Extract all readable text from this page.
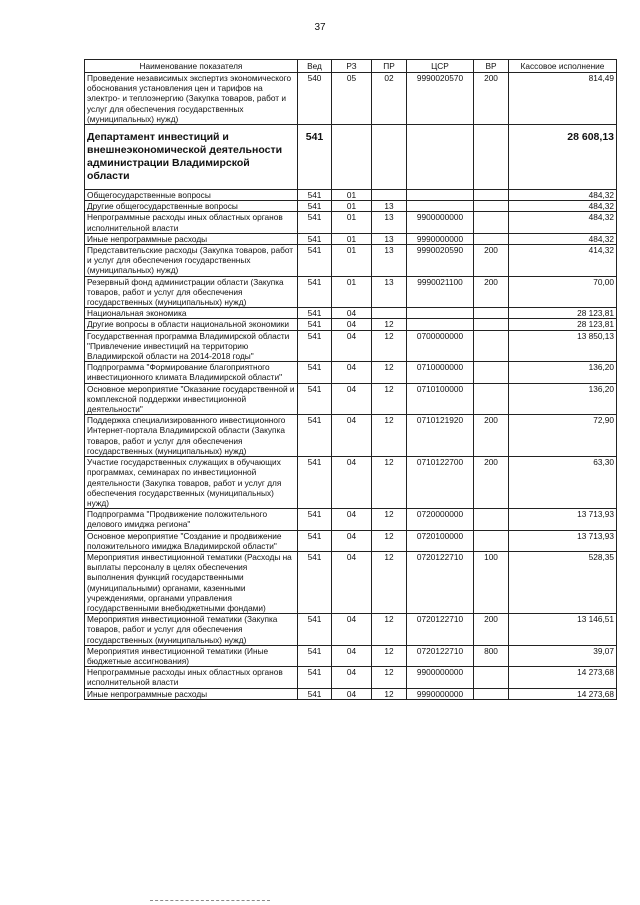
37
Наименование показателя	Вед	РЗ	ПР	ЦСР	ВР	Кассовое исполнение
Проведение независимых экспертиз экономического обоснования установления цен и тарифов на электро- и теплоэнергию (Закупка товаров, работ и услуг для обеспечения государственных (муниципальных) нужд)	540	05	02	9990020570	200	814,49
Департамент инвестиций и внешнеэкономической деятельности администрации Владимирской области	541					28 608,13
Общегосударственные вопросы	541	01				484,32
Другие общегосударственные вопросы	541	01	13			484,32
Непрограммные расходы иных областных органов исполнительной власти	541	01	13	9900000000		484,32
Иные непрограммные расходы	541	01	13	9990000000		484,32
Представительские расходы (Закупка товаров, работ и услуг для обеспечения государственных (муниципальных) нужд)	541	01	13	9990020590	200	414,32
Резервный фонд администрации области (Закупка товаров, работ и услуг для обеспечения государственных (муниципальных) нужд)	541	01	13	9990021100	200	70,00
Национальная экономика	541	04				28 123,81
Другие вопросы в области национальной экономики	541	04	12			28 123,81
Государственная программа Владимирской области "Привлечение инвестиций на территорию Владимирской области на 2014-2018 годы"	541	04	12	0700000000		13 850,13
Подпрограмма "Формирование благоприятного инвестиционного климата Владимирской области"	541	04	12	0710000000		136,20
Основное мероприятие "Оказание государственной и комплексной поддержки инвестиционной деятельности"	541	04	12	0710100000		136,20
Поддержка специализированного инвестиционного Интернет-портала Владимирской области (Закупка товаров, работ и услуг для обеспечения государственных (муниципальных) нужд)	541	04	12	0710121920	200	72,90
Участие государственных служащих в обучающих программах, семинарах по инвестиционной деятельности (Закупка товаров, работ и услуг для обеспечения государственных (муниципальных) нужд)	541	04	12	0710122700	200	63,30
Подпрограмма "Продвижение положительного делового имиджа региона"	541	04	12	0720000000		13 713,93
Основное мероприятие "Создание и продвижение положительного имиджа Владимирской области"	541	04	12	0720100000		13 713,93
Мероприятия инвестиционной тематики (Расходы на выплаты персоналу в целях обеспечения выполнения функций государственными (муниципальными) органами, казенными учреждениями, органами управления государственными внебюджетными фондами)	541	04	12	0720122710	100	528,35
Мероприятия инвестиционной тематики (Закупка товаров, работ и услуг для обеспечения государственных (муниципальных) нужд)	541	04	12	0720122710	200	13 146,51
Мероприятия инвестиционной тематики (Иные бюджетные ассигнования)	541	04	12	0720122710	800	39,07
Непрограммные расходы иных областных органов исполнительной власти	541	04	12	9900000000		14 273,68
Иные непрограммные расходы	541	04	12	9990000000		14 273,68
